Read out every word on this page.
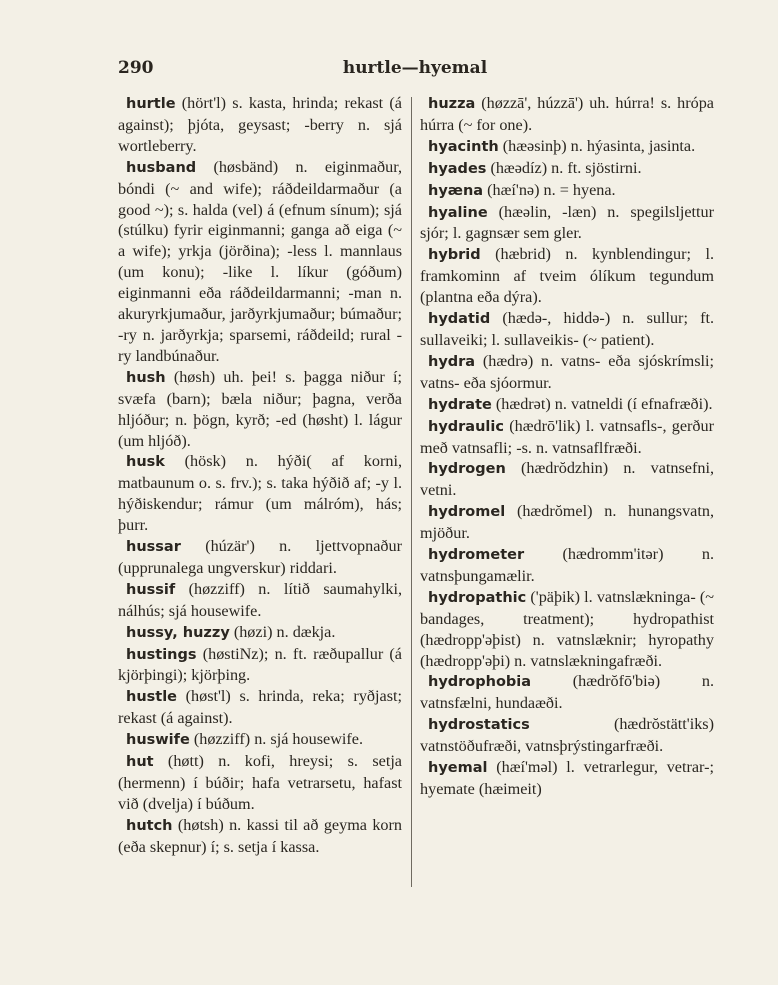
290	hurtle—hyemal

hurtle (hört'l) s. kasta, hrinda; rekast (á against); þjóta, geysast; -berry n. sjá wortleberry.

husband (høsbänd) n. eiginmaður, bóndi (~ and wife); ráðdeildarmaður (a good ~); s. halda (vel) á (efnum sínum); sjá (stúlku) fyrir eiginmanni; ganga að eiga (~ a wife); yrkja (jörðina); -less l. mannlaus (um konu); -like l. líkur (góðum) eiginmanni eða ráðdeildarmanni; -man n. akuryrkjumaður, jarðyrkjumaður; búmaður; -ry n. jarðyrkja; sparsemi, ráðdeild; rural -ry landbúnaður.

hush (høsh) uh. þei! s. þagga niður í; svæfa (barn); bæla niður; þagna, verða hljóður; n. þögn, kyrð; -ed (høsht) l. lágur (um hljóð).

husk (hösk) n. hýði( af korni, matbaunum o. s. frv.); s. taka hýðið af; -y l. hýðiskendur; rámur (um málróm), hás; þurr.

hussar (húzär') n. ljettvopnaður (upprunalega ungverskur) riddari.

hussif (høzziff) n. lítið saumahylki, nálhús; sjá housewife.

hussy, huzzy (høzi) n. dækja.

hustings (høstiNz); n. ft. ræðupallur (á kjörþingi); kjörþing.

hustle (høst'l) s. hrinda, reka; ryðjast; rekast (á against).

huswife (høzziff) n. sjá housewife.

hut (høtt) n. kofi, hreysi; s. setja (hermenn) í búðir; hafa vetrarsetu, hafast við (dvelja) í búðum.

hutch (høtsh) n. kassi til að geyma korn (eða skepnur) í; s. setja í kassa.

huzza (høzzā', húzzā') uh. húrra! s. hrópa húrra (~ for one).

hyacinth (hæəsinþ) n. hýasinta, jasinta.

hyades (hæədíz) n. ft. sjöstirni.

hyæna (hæí'nə) n. = hyena.

hyaline (hæəlin, -læn) n. spegilsljettur sjór; l. gagnsær sem gler.

hybrid (hæbrid) n. kynblendingur; l. framkominn af tveim ólíkum tegundum (plantna eða dýra).

hydatid (hædə-, hiddə-) n. sullur; ft. sullaveiki; l. sullaveikis- (~ patient).

hydra (hædrə) n. vatns- eða sjóskrímsli; vatns- eða sjóormur.

hydrate (hædrət) n. vatneldi (í efnafræði).

hydraulic (hædrō'lik) l. vatnsafls-, gerður með vatnsafli; -s. n. vatnsaflfræði.

hydrogen (hædrŏdzhin) n. vatnsefni, vetni.

hydromel (hædrŏmel) n. hunangsvatn, mjöður.

hydrometer (hædromm'itər) n. vatnsþungamælir.

hydropathic ('päþik) l. vatnslækninga- (~ bandages, treatment); hydropathist (hædropp'əþist) n. vatnslæknir; hyropathy (hædropp'əþi) n. vatnslækningafræði.

hydrophobia (hædrŏfō'biə) n. vatnsfælni, hundaæði.

hydrostatics (hædrŏstätt'iks) vatnstöðufræði, vatnsþrýstingarfræði.

hyemal (hæí'məl) l. vetrarlegur, vetrar-; hyemate (hæimeit)
